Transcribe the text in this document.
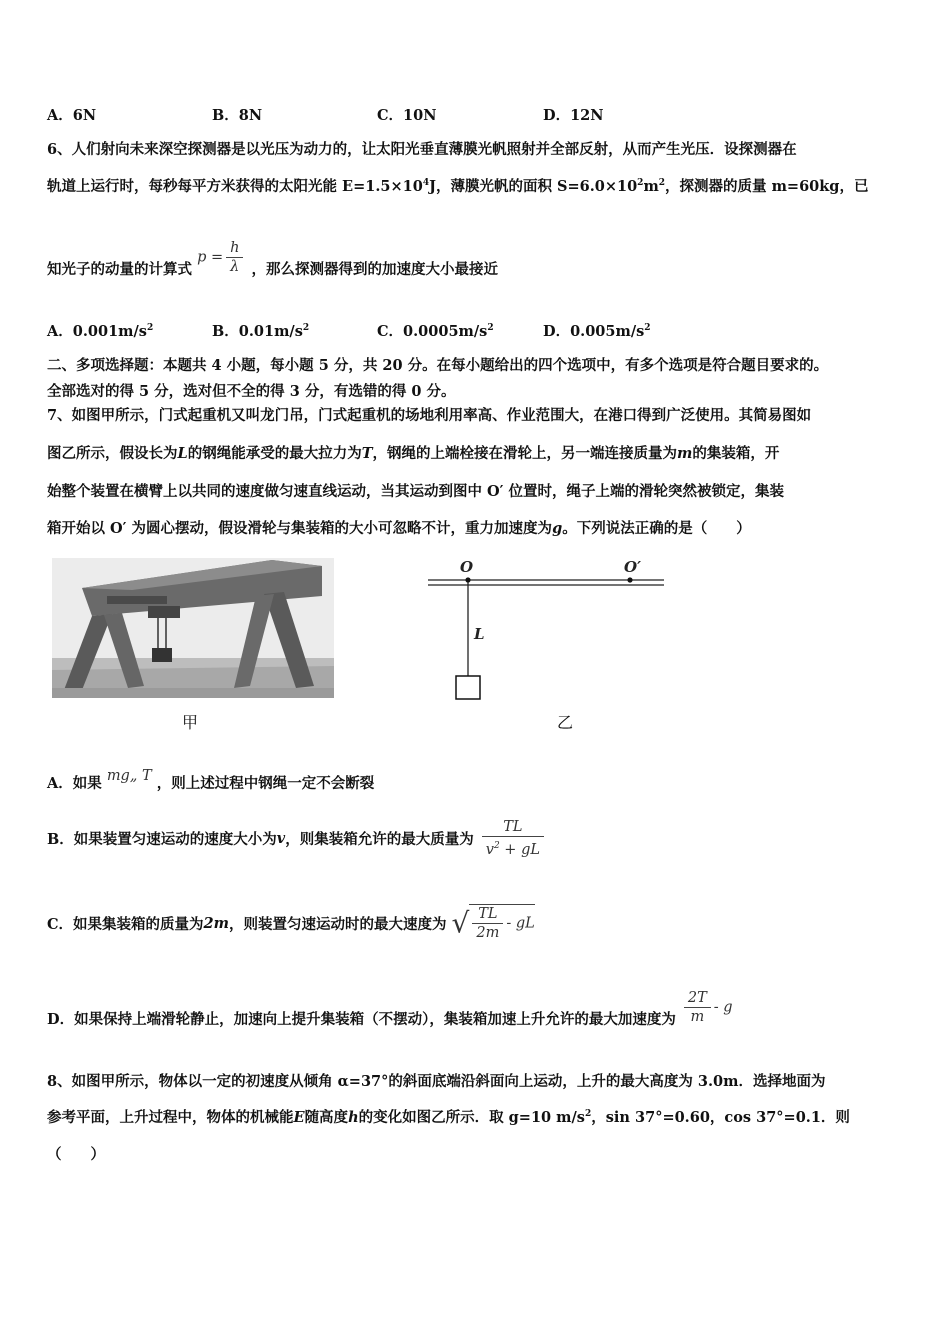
A．6N	B．8N	C．10N	D．12N
6、人们射向未来深空探测器是以光压为动力的，让太阳光垂直薄膜光帆照射并全部反射，从而产生光压．设探测器在
轨道上运行时，每秒每平方米获得的太阳光能 $E=1.5\times 10^4J$，薄膜光帆的面积 $S=6.0\times 10^2m^2$，探测器的质量 m=60kg，已
知光子的动量的计算式 $p = \frac{h}{\lambda}$ ，那么探测器得到的加速度大小最接近
A．$0.001m/s^2$	B．$0.01m/s^2$	C．$0.0005m/s^2$	D．$0.005m/s^2$
二、多项选择题：本题共 4 小题，每小题 5 分，共 20 分。在每小题给出的四个选项中，有多个选项是符合题目要求的。
全部选对的得 5 分，选对但不全的得 3 分，有选错的得 0 分。
7、如图甲所示，门式起重机又叫龙门吊，门式起重机的场地利用率高、作业范围大，在港口得到广泛使用。其简易图如
图乙所示，假设长为L的钢绳能承受的最大拉力为T，钢绳的上端栓接在滑轮上，另一端连接质量为m的集装箱，开
始整个装置在横臂上以共同的速度做匀速直线运动，当其运动到图中 O′ 位置时，绳子上端的滑轮突然被锁定，集装
箱开始以 O′ 为圆心摆动，假设滑轮与集装箱的大小可忽略不计，重力加速度为g。下列说法正确的是（　　）
甲
O	O′
L
乙
A．如果 mg„ T ，则上述过程中钢绳一定不会断裂
B．如果装置匀速运动的速度大小为v，则集装箱允许的最大质量为 $\frac{TL}{v^2 + gL}$
C．如果集装箱的质量为2m，则装置匀速运动时的最大速度为 √ $\frac{TL}{2m}$ - gL
D．如果保持上端滑轮静止，加速向上提升集装箱（不摆动），集装箱加速上升允许的最大加速度为 $\frac{2T}{m}$ - g
8、如图甲所示，物体以一定的初速度从倾角 α=37°的斜面底端沿斜面向上运动，上升的最大高度为 3.0m．选择地面为
参考平面，上升过程中，物体的机械能E随高度h的变化如图乙所示．取 g=10 $m/s^2$，sin 37°=0.60，cos 37°=0.1．则
（　　）
